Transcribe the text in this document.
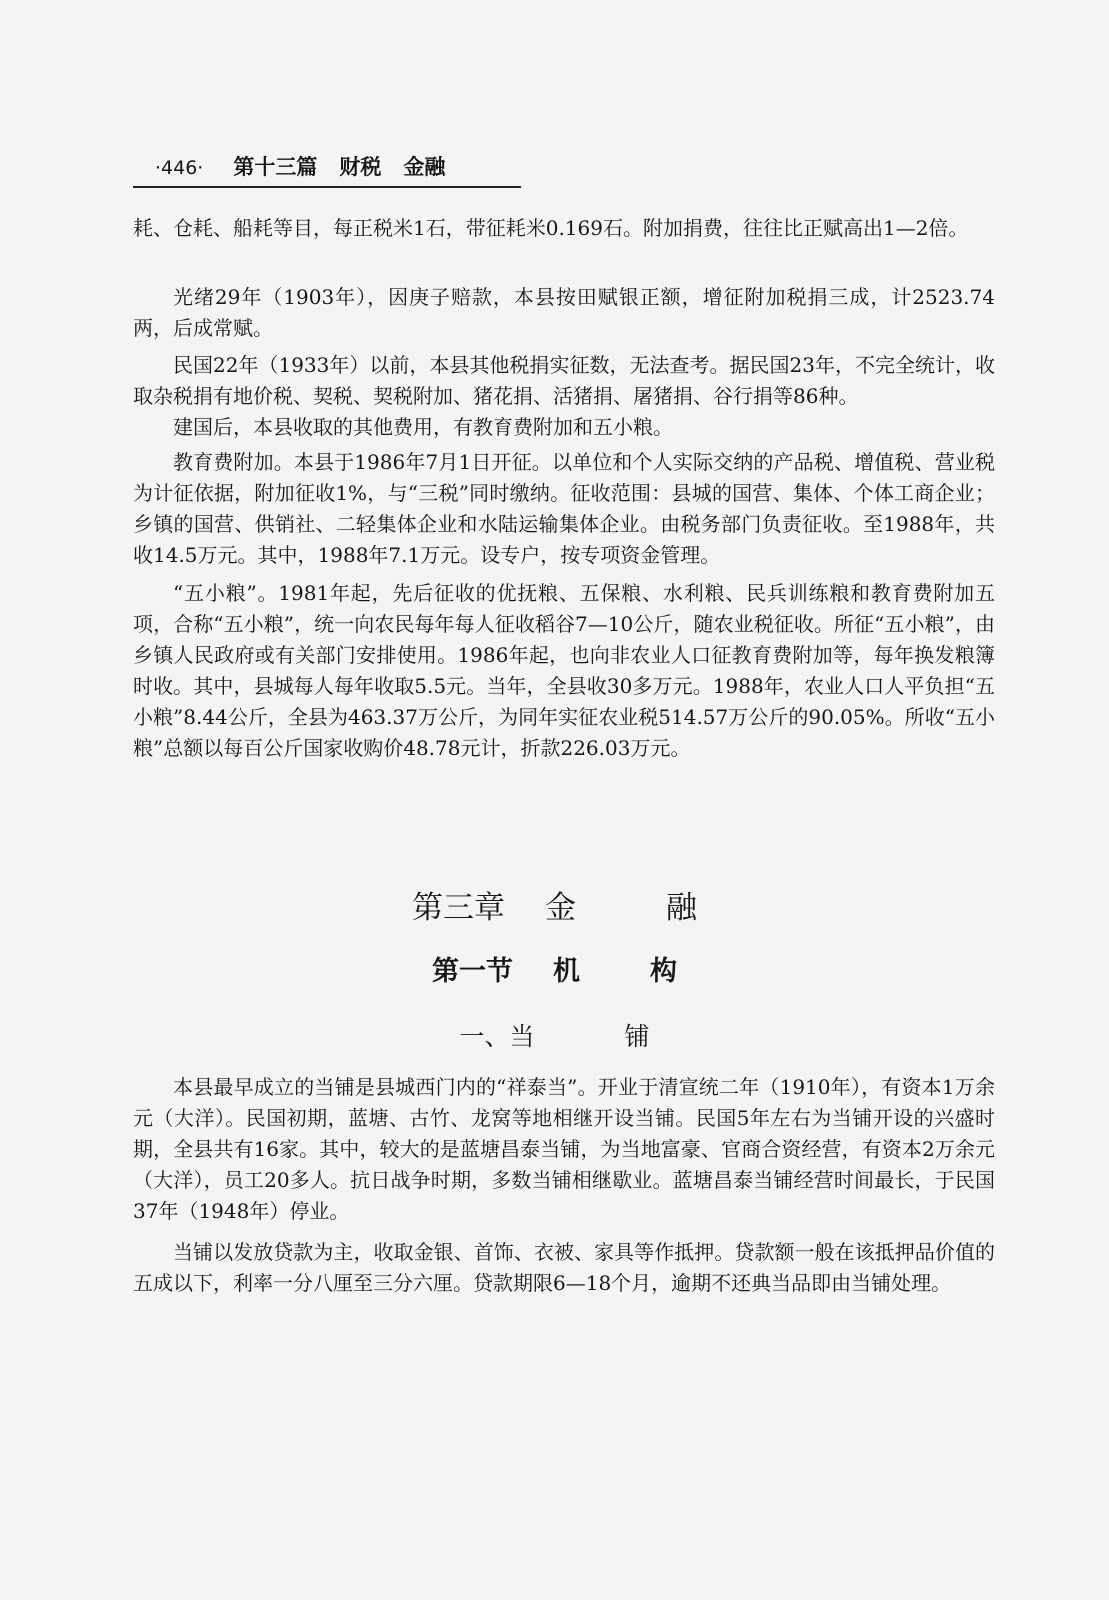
·446· 第十三篇 财税 金融

耗、仓耗、船耗等目，每正税米1石，带征耗米0.169石。附加捐费，往往比正赋高出1—2倍。

光绪29年（1903年），因庚子赔款，本县按田赋银正额，增征附加税捐三成，计2523.74两，后成常赋。

民国22年（1933年）以前，本县其他税捐实征数，无法查考。据民国23年，不完全统计，收取杂税捐有地价税、契税、契税附加、猪花捐、活猪捐、屠猪捐、谷行捐等86种。

建国后，本县收取的其他费用，有教育费附加和五小粮。

教育费附加。本县于1986年7月1日开征。以单位和个人实际交纳的产品税、增值税、营业税为计征依据，附加征收1%，与“三税”同时缴纳。征收范围：县城的国营、集体、个体工商企业；乡镇的国营、供销社、二轻集体企业和水陆运输集体企业。由税务部门负责征收。至1988年，共收14.5万元。其中，1988年7.1万元。设专户，按专项资金管理。

“五小粮”。1981年起，先后征收的优抚粮、五保粮、水利粮、民兵训练粮和教育费附加五项，合称“五小粮”，统一向农民每年每人征收稻谷7—10公斤，随农业税征收。所征“五小粮”，由乡镇人民政府或有关部门安排使用。1986年起，也向非农业人口征教育费附加等，每年换发粮簿时收。其中，县城每人每年收取5.5元。当年，全县收30多万元。1988年，农业人口人平负担“五小粮”8.44公斤，全县为463.37万公斤，为同年实征农业税514.57万公斤的90.05%。所收“五小粮”总额以每百公斤国家收购价48.78元计，折款226.03万元。

第三章 金	融
第一节 机	构
一、当	铺

本县最早成立的当铺是县城西门内的“祥泰当”。开业于清宣统二年（1910年），有资本1万余元（大洋）。民国初期，蓝塘、古竹、龙窝等地相继开设当铺。民国5年左右为当铺开设的兴盛时期，全县共有16家。其中，较大的是蓝塘昌泰当铺，为当地富豪、官商合资经营，有资本2万余元（大洋），员工20多人。抗日战争时期，多数当铺相继歇业。蓝塘昌泰当铺经营时间最长，于民国37年（1948年）停业。

当铺以发放贷款为主，收取金银、首饰、衣被、家具等作抵押。贷款额一般在该抵押品价值的五成以下，利率一分八厘至三分六厘。贷款期限6—18个月，逾期不还典当品即由当铺处理。
